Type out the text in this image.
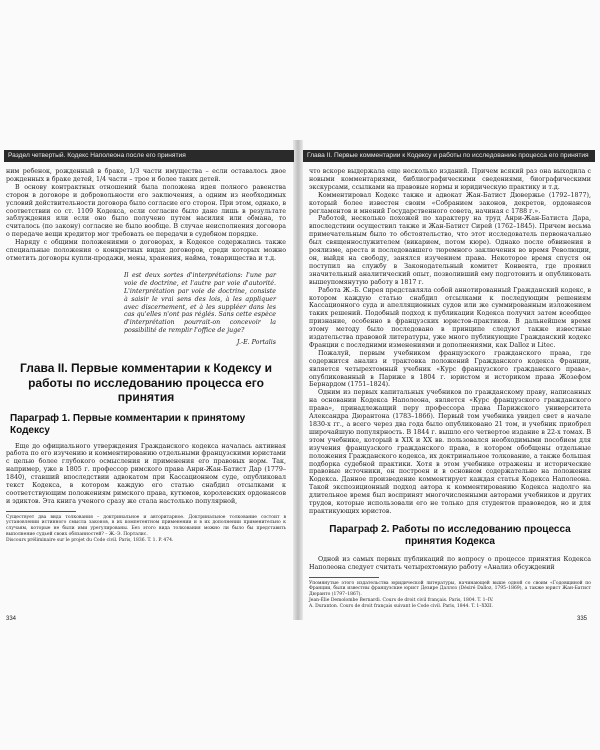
Раздел четвертый. Кодекс Наполеона после его принятия

ним ребенок, рожденный в браке, 1/3 части имущества – если оставалось двое рожденных в браке детей, 1/4 части – трое и более таких детей.

В основу контрактных отношений была положена идея полного равенства сторон в договоре и добровольности его заключения, а одним из необходимых условий действительности договора было согласие его сторон. При этом, однако, в соответствии со ст. 1109 Кодекса, если согласие было дано лишь в результате заблуждения или если оно было получено путем насилия или обмана, то считалось (по закону) согласие не было вообще. В случае неисполнения договора о передаче вещи кредитор мог требовать ее передачи в судебном порядке.

Наряду с общими положениями о договорах, в Кодексе содержались также специальные положения о конкретных видах договоров, среди которых можно отметить договоры купли-продажи, мены, хранения, найма, товарищества и т.д.

Il est deux sortes d'interprétations: l'une par voie de doctrine, et l'autre par voie d'autorité. L'interprétation par voie de doctrine, consiste à saisir le vrai sens des lois, à les appliquer avec discernement, et à les suppléer dans les cas qu'elles n'ont pas réglés. Sans cette espèce d'interprétation pourrait-on concevoir la possibilité de remplir l'office de juge?
J.-E. Portalis
Глава II. Первые комментарии к Кодексу и работы по исследованию процесса его принятия
Параграф 1. Первые комментарии к принятому Кодексу

Еще до официального утверждения Гражданского кодекса началась активная работа по его изучению и комментированию отдельными французскими юристами с целью более глубокого осмысления и применения его правовых норм. Так, например, уже в 1805 г. профессор римского права Анри-Жан-Батист Дар (1779–1840), ставший впоследствии адвокатом при Кассационном суде, опубликовал текст Кодекса, в котором каждую его статью снабдил отсылками к соответствующим положениям римского права, кутюмов, королевских ордонансов и эдиктов. Эта книга ученого сразу же стала настолько популярной,

Существует два вида толкования – доктринальное и авторитарное. Доктринальное толкование состоит в установлении истинного смысла законов, в их компетентном применении и в их дополнении применительно к случаям, которые не были ими урегулированы. Без этого вида толкования можно ли было бы представить выполнение судьей своих обязанностей? – Ж.-Э. Порталис.

Discours préliminaire sur le projet du Code civil. Paris, 1836. T. 1. P. 474.

334
Глава II. Первые комментарии к Кодексу и работы по исследованию процесса его принятия

что вскоре выдержала еще несколько изданий. Причем всякий раз она выходила с новыми комментариями, библиографическими сведениями, биографическими экскурсами, ссылками на правовые нормы и юридическую практику и т.д.

Комментировал Кодекс также и адвокат Жан-Батист Дювержье (1792–1877), который более известен своим «Собранием законов, декретов, ордонансов регламентов и мнений Государственного совета, начиная с 1788 г.».

Работой, несколько похожей по характеру на труд Анри-Жан-Батиста Дара, впоследствии осуществил также и Жан-Батист Сирей (1762–1845). Причем весьма примечательным было то обстоятельство, что этот исследователь первоначально был священнослужителем (викарием, потом кюре). Однако после обвинения в роялизме, ареста и последовавшего тюремного заключения во время Революции, он, выйдя на свободу, занялся изучением права. Некоторое время спустя он поступил на службу в Законодательный комитет Конвента, где проявил значительный аналитический опыт, позволивший ему подготовить и опубликовать вышеупомянутую работу в 1817 г.

Работа Ж.-Б. Сирея представляла собой аннотированный Гражданский кодекс, в котором каждую статью снабдил отсылками к последующим решениям Кассационного суда и апелляционных судов или же суммированным изложением таких решений. Подобный подход к публикации Кодекса получил затем всеобщее признание, особенно в французских юристов-практиков. В дальнейшем время этому методу было последовано в принципе следуют также известные издательства правовой литературы, уже много публикующие Гражданский кодекс Франции с последними изменениями и дополнениями, как Dalloz и Litec.

Пожалуй, первым учебником французского гражданского права, где содержится анализ и трактовка положений Гражданского кодекса Франции, является четырехтомный учебник «Курс французского гражданского права», опубликованный в Париже в 1804 г. юристом и историком права Жозефом Бернардом (1751–1824).

Одним из первых капитальных учебников по гражданскому праву, написанных на основании Кодекса Наполеона, является «Курс французского гражданского права», принадлежащий перу профессора права Парижского университета Александра Дюрантона (1783–1866). Первый том учебника увидел свет в начале 1830-х гг., а всего через два года было опубликовано 21 том, и учебник приобрел широчайшую популярность. В 1844 г. вышло его четвертое издание в 22-х томах. В этом учебнике, который в XIX и XX вв. пользовался необходимыми пособием для изучения французского гражданского права, в котором обобщены отдельные положения Гражданского кодекса, их доктринальное толкование, а также большая подборка судебной практики. Хотя в этом учебнике отражены и исторические правовые источники, он построен и в основном содержательно на положения Кодекса. Данное произведение комментирует каждая статья Кодекса Наполеона. Такой экспозиционный подход автора к комментированию Кодекса надолго на длительное время был воспринят многочисленными авторами учебников и других трудов, которые использовали его не только для студентов правоведов, но и для практикующих юристов.

Параграф 2. Работы по исследованию процесса принятия Кодекса

Одной из самых первых публикаций по вопросу о процессе принятия Кодекса Наполеона следует считать четырехтомную работу «Анализ обсуждений

Упомянутые этого издательства юридической литературы, начинающей выше одной со своим «Годовщиной по Франции, были известны французские юрист Дезире Даллоз (Désiré Dalloz, 1795–1869), а также юрист Жан-Батист Дюранто (1797–1867).

Jean-Élie Demolombe Bernardi. Cours de droit civil français. Paris, 1804. T. 1–IV.

A. Duranton. Cours de droit français suivant le Code civil. Paris, 1844. T. 1–XXII.

335
